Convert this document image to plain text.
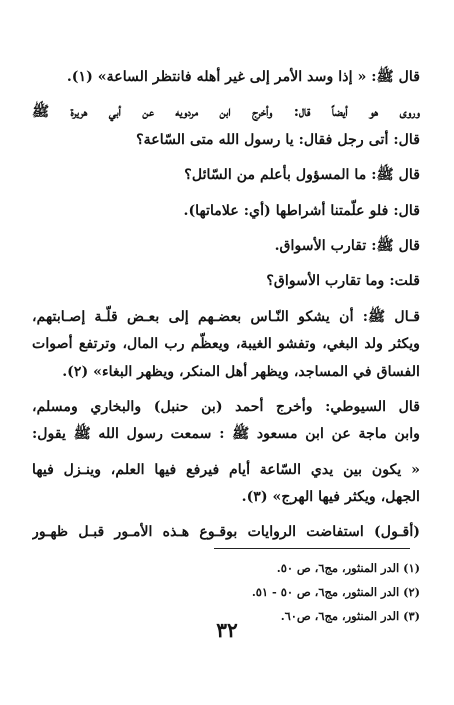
قال ﷺ: « إذا وسد الأمر إلى غير أهله فانتظر الساعة» (١).
وروى هو أيضاً قال: وأخرج ابن مردويه عن أبي هريرة ﷺ
قال: أتى رجل فقال: يا رسول الله متى السّاعة؟
قال ﷺ: ما المسؤول بأعلم من السّائل؟
قال: فلو علّمتنا أشراطها (أي: علاماتها).
قال ﷺ: تقارب الأسواق.
قلت: وما تقارب الأسواق؟
قـال ﷺ: أن يشكو النّـاس بعضـهم إلى بعـض قلّـة إصـابتهم،
ويكثر ولد البغي، وتفشو الغيبة، ويعظّم رب المال، وترتفع أصوات
الفساق في المساجد، ويظهر أهل المنكر، ويظهر البغاء» (٢).
قال السيوطي: وأخرج أحمد (بن حنبل) والبخاري ومسلم،
وابن ماجة عن ابن مسعود ﷺ : سمعت رسول الله ﷺ يقول:
« يكون بين يدي السّاعة أيام فيرفع فيها العلم، وينـزل فيها
الجهل، ويكثر فيها الهرج» (٣).
(أقـول) استفاضت الروايات بوقـوع هـذه الأمـور قبـل ظهـور
(١) الدر المنثور، مج٦، ص ٥٠.
(٢) الدر المنثور، مج٦، ص ٥٠ - ٥١.
(٣) الدر المنثور، مج٦، ص٦٠.
٣٢
